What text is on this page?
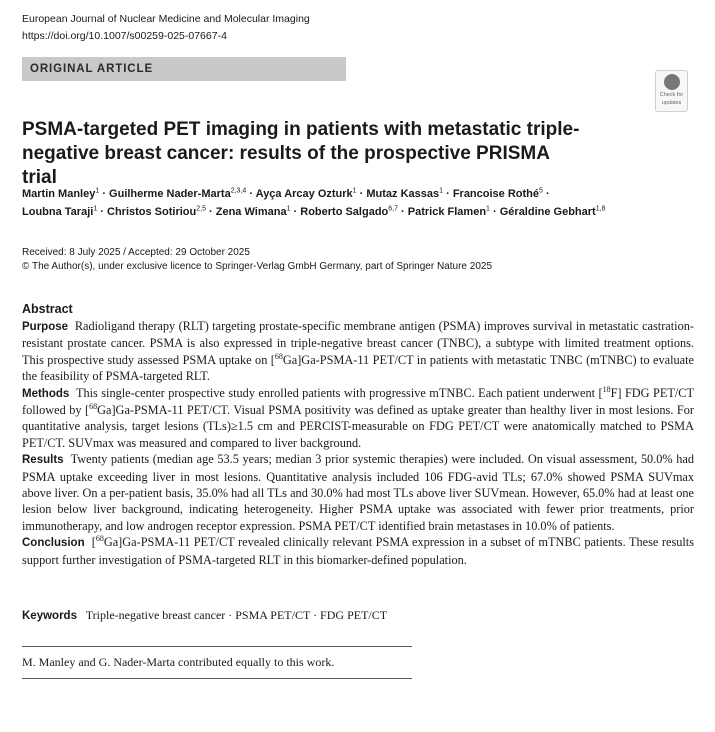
European Journal of Nuclear Medicine and Molecular Imaging
https://doi.org/10.1007/s00259-025-07667-4
ORIGINAL ARTICLE
Check for
updates
PSMA-targeted PET imaging in patients with metastatic triple-negative breast cancer: results of the prospective PRISMA trial
Martin Manley$^1$ · Guilherme Nader-Marta$^{2,3,4}$ · Ayça Arcay Ozturk$^1$ · Mutaz Kassas$^1$ · Francoise Rothé$^5$ ·
Loubna Taraji$^1$ · Christos Sotiriou$^{2,5}$ · Zena Wimana$^1$ · Roberto Salgado$^{6,7}$ · Patrick Flamen$^1$ · Géraldine Gebhart$^{1,8}$
Received: 8 July 2025 / Accepted: 29 October 2025
© The Author(s), under exclusive licence to Springer-Verlag GmbH Germany, part of Springer Nature 2025
Abstract

Purpose Radioligand therapy (RLT) targeting prostate-specific membrane antigen (PSMA) improves survival in metastatic castration-resistant prostate cancer. PSMA is also expressed in triple-negative breast cancer (TNBC), a subtype with limited treatment options. This prospective study assessed PSMA uptake on [$^{68}$Ga]Ga-PSMA-11 PET/CT in patients with metastatic TNBC (mTNBC) to evaluate the feasibility of PSMA-targeted RLT.

Methods This single-center prospective study enrolled patients with progressive mTNBC. Each patient underwent [$^{18}$F] FDG PET/CT followed by [$^{68}$Ga]Ga-PSMA-11 PET/CT. Visual PSMA positivity was defined as uptake greater than healthy liver in most lesions. For quantitative analysis, target lesions (TLs)≥1.5 cm and PERCIST-measurable on FDG PET/CT were anatomically matched to PSMA PET/CT. SUVmax was measured and compared to liver background.

Results Twenty patients (median age 53.5 years; median 3 prior systemic therapies) were included. On visual assessment, 50.0% had PSMA uptake exceeding liver in most lesions. Quantitative analysis included 106 FDG-avid TLs; 67.0% showed PSMA SUVmax above liver. On a per-patient basis, 35.0% had all TLs and 30.0% had most TLs above liver SUVmean. However, 65.0% had at least one lesion below liver background, indicating heterogeneity. Higher PSMA uptake was associated with fewer prior treatments, prior immunotherapy, and low androgen receptor expression. PSMA PET/CT identified brain metastases in 10.0% of patients.

Conclusion  [$^{68}$Ga]Ga-PSMA-11 PET/CT revealed clinically relevant PSMA expression in a subset of mTNBC patients. These results support further investigation of PSMA-targeted RLT in this biomarker-defined population.

Keywords Triple-negative breast cancer · PSMA PET/CT · FDG PET/CT
M. Manley and G. Nader-Marta contributed equally to this work.
